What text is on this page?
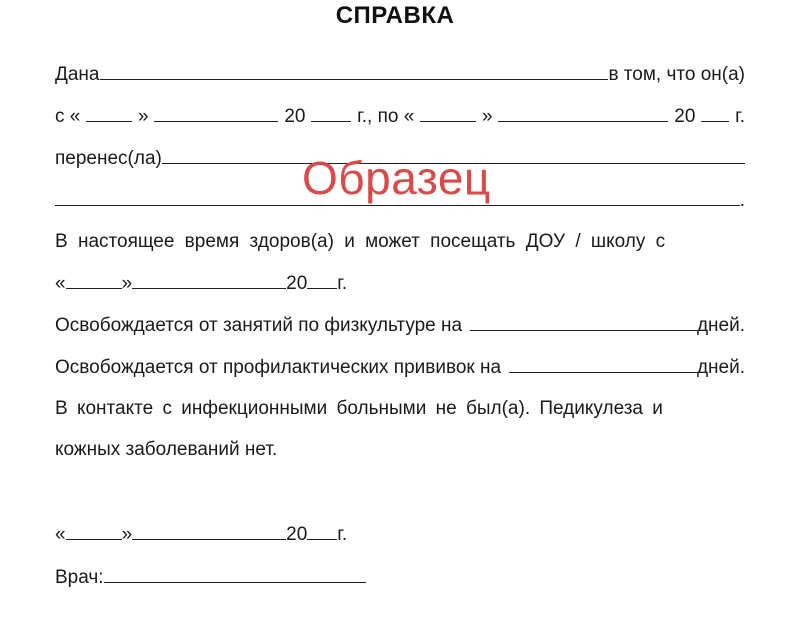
СПРАВКА
Дана	в том, что он(а)
с «	»	20	г., по «	»	20 г.
перенес(ла)
.
В настоящее время здоров(а) и может посещать ДОУ / школу с
«	»	20 г.
Освобождается от занятий по физкультуре на	дней.
Освобождается от профилактических прививок на	дней.
В контакте с инфекционными больными не был(а). Педикулеза и
кожных заболеваний нет.
«	»	20 г.
Врач:
Образец
